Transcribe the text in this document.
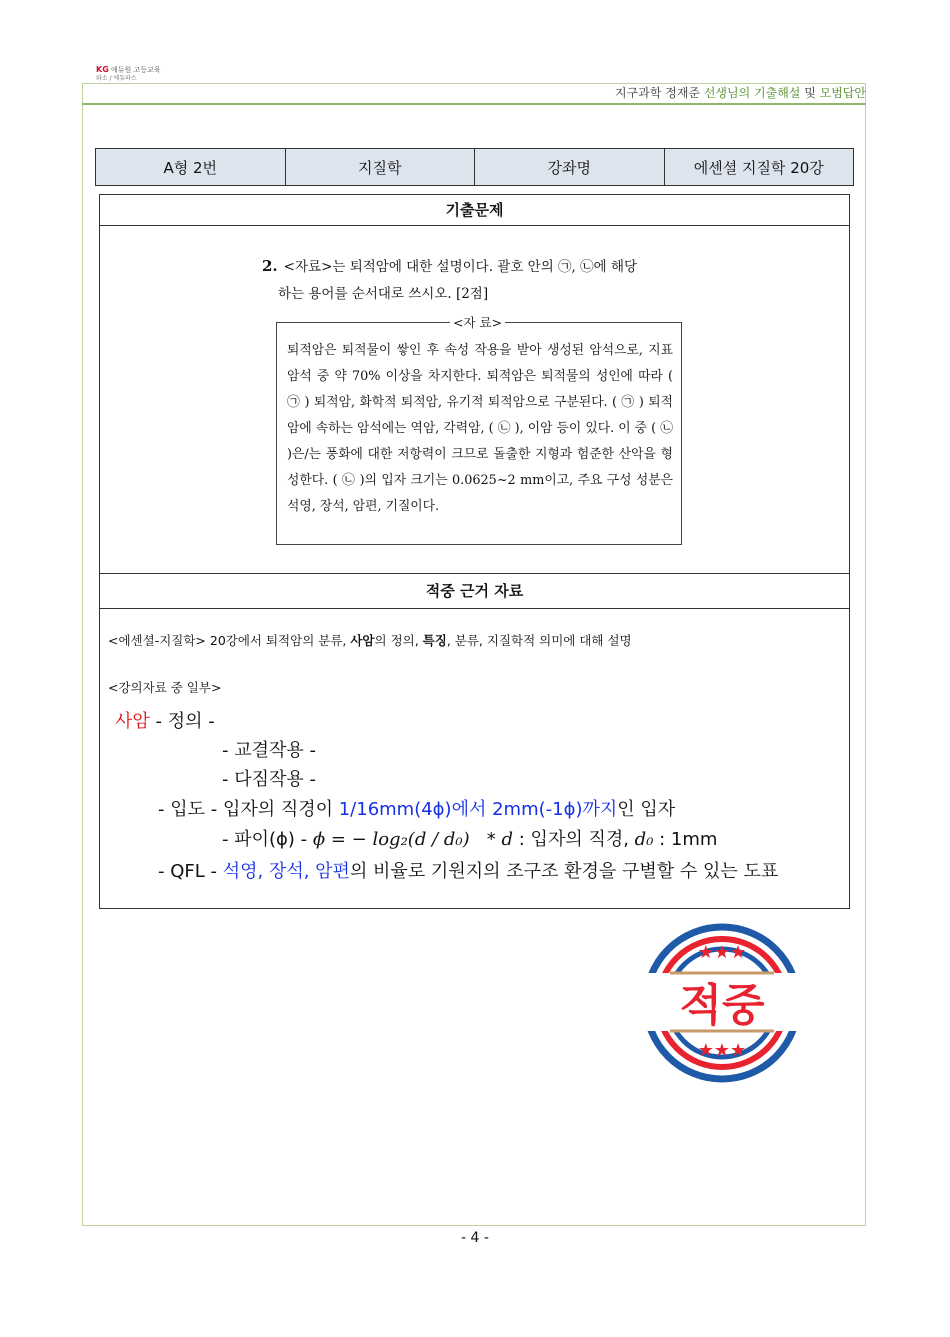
KG 에듀원 고등교육
와소 / 에듀파스
지구과학 정재준 선생님의 기출해설 및 모범답안
A형 2번	지질학	강좌명	에센셜 지질학 20강
기출문제
2. <자료>는 퇴적암에 대한 설명이다. 괄호 안의 ㉠, ㉡에 해당
하는 용어를 순서대로 쓰시오. [2점]
<자 료>
퇴적암은 퇴적물이 쌓인 후 속성 작용을 받아 생성된 암석으로, 지표 암석 중 약 70% 이상을 차지한다. 퇴적암은 퇴적물의 성인에 따라 ( ㉠ ) 퇴적암, 화학적 퇴적암, 유기적 퇴적암으로 구분된다. ( ㉠ ) 퇴적암에 속하는 암석에는 역암, 각력암, ( ㉡ ), 이암 등이 있다. 이 중 ( ㉡ )은/는 풍화에 대한 저항력이 크므로 돌출한 지형과 험준한 산악을 형성한다. ( ㉡ )의 입자 크기는 0.0625~2 mm이고, 주요 구성 성분은 석영, 장석, 암편, 기질이다.
적중 근거 자료
<에센셜-지질학> 20강에서 퇴적암의 분류, 사암의 정의, 특징, 분류, 지질학적 의미에 대해 설명
<강의자료 중 일부>
사암 - 정의 -
- 교결작용 -
- 다짐작용 -
- 입도 - 입자의 직경이 1/16mm(4ϕ)에서 2mm(-1ϕ)까지인 입자
- 파이(ϕ) - ϕ = − log₂(d / d₀) * d : 입자의 직경, d₀ : 1mm
- QFL - 석영, 장석, 암편의 비율로 기원지의 조구조 환경을 구별할 수 있는 도표
★★★
★★★
적중
- 4 -
